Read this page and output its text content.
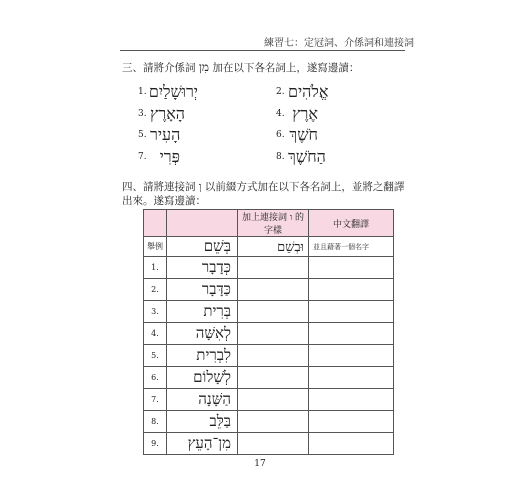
練習七：定冠詞、介係詞和連接詞
三、請將介係詞 מִן 加在以下各名詞上，遂寫邊讀：
1. יְרוּשָׁלַיִם	2. אֱלֹהִים
3. הָאָרֶץ	4. אֶרֶץ
5. הָעִיר	6. חֹשֶׁךְ
7. פְּרִי	8. הַחֹשֶׁךְ
四、請將連接詞 וְ 以前綴方式加在以下各名詞上，並將之翻譯出來。遂寫邊讀：
		加上連接詞 ו 的字樣	中文翻譯
舉例	בְּשֵׁם	וּבְשֵׁם	並且藉著一個名字
1.	כְּדָבָר		
2.	כַּדָּבָר		
3.	בְּרִית		
4.	לְאִשָּׁה		
5.	לִבְרִית		
6.	לְשָׁלוֹם		
7.	הַשָּׁנָה		
8.	בַּלֵּב		
9.	מִן־הָעֵץ		
17
